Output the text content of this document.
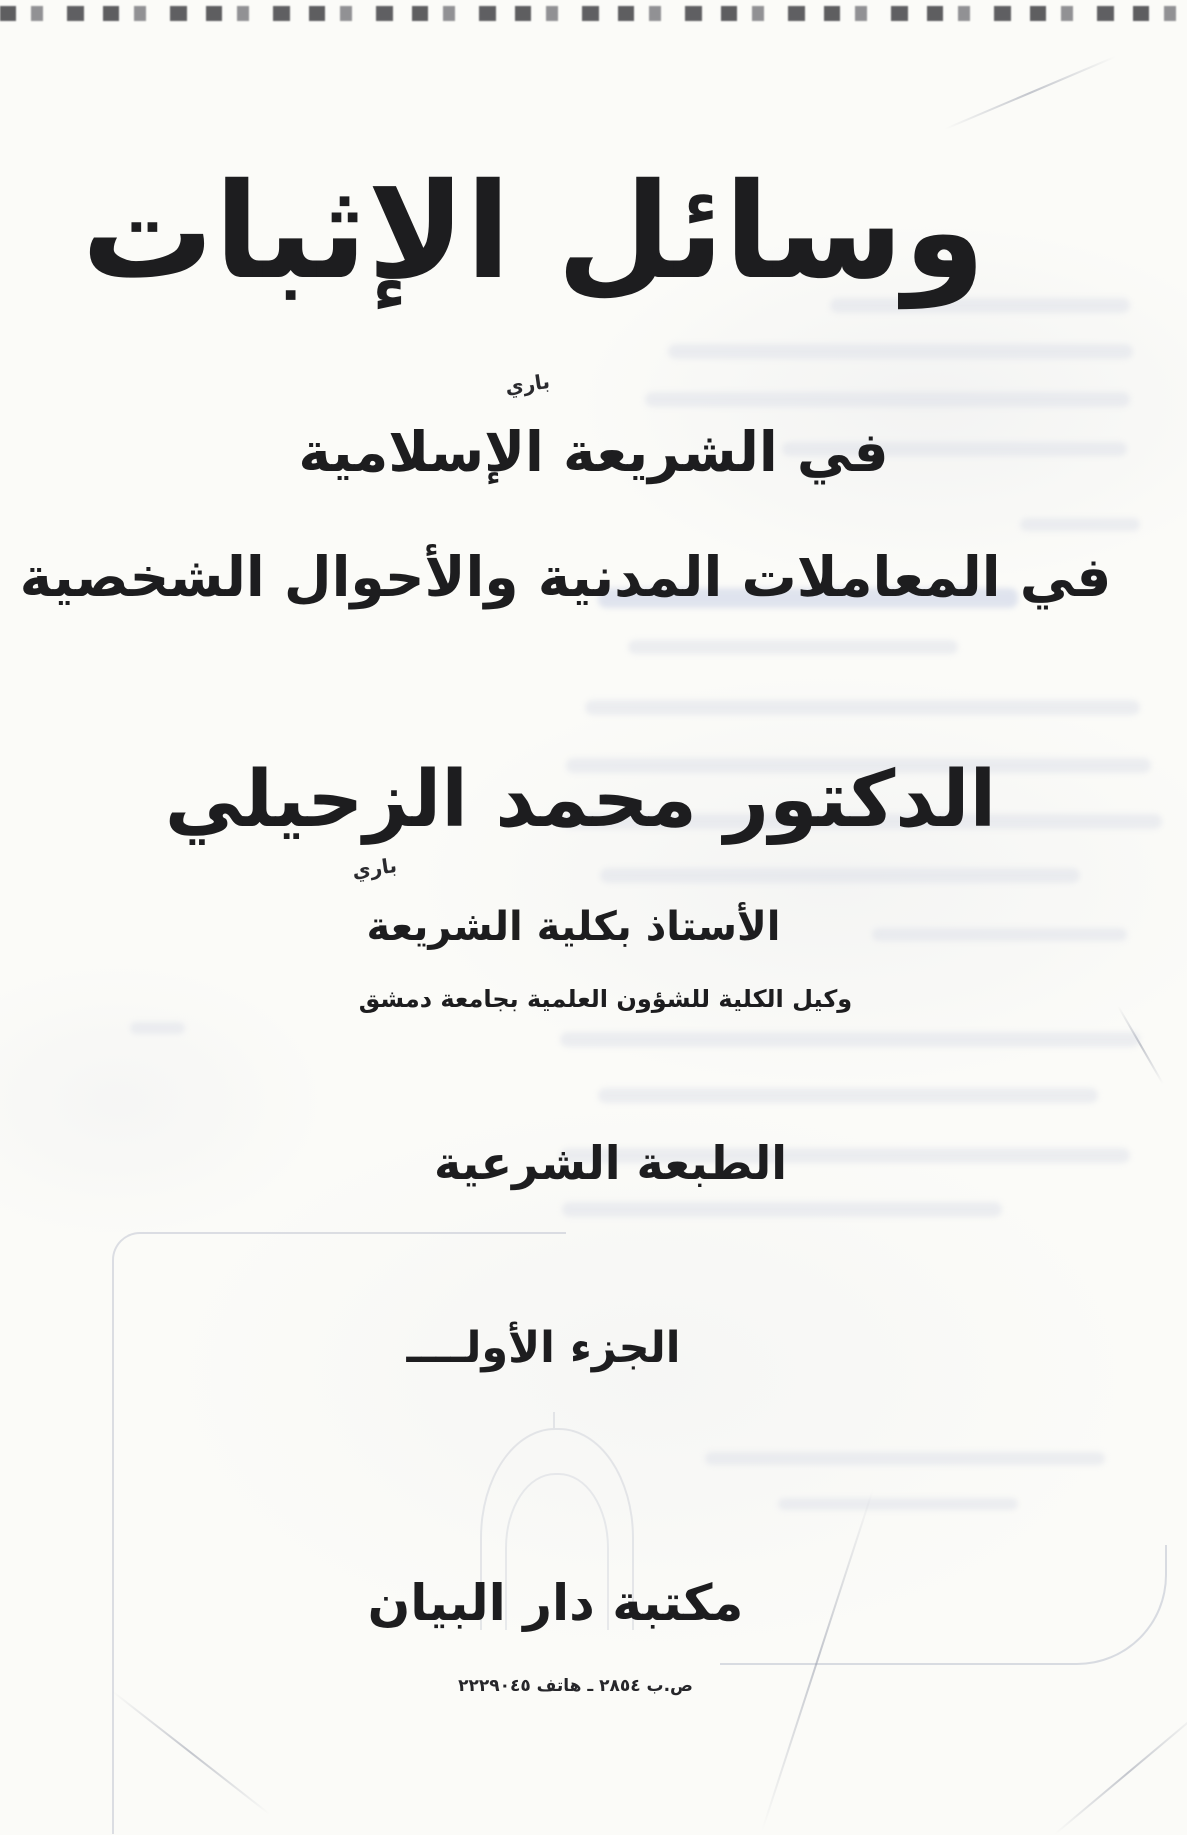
وسائل الإثبات
باري
في الشريعة الإسلامية
في المعاملات المدنية والأحوال الشخصية
الدكتور محمد الزحيلي
باري
الأستاذ بكلية الشريعة
وكيل الكلية للشؤون العلمية بجامعة دمشق
الطبعة الشرعية
الجزء الأولــــ
مكتبة دار البيان
ص.ب ٢٨٥٤ ـ هاتف ٢٢٢٩٠٤٥
